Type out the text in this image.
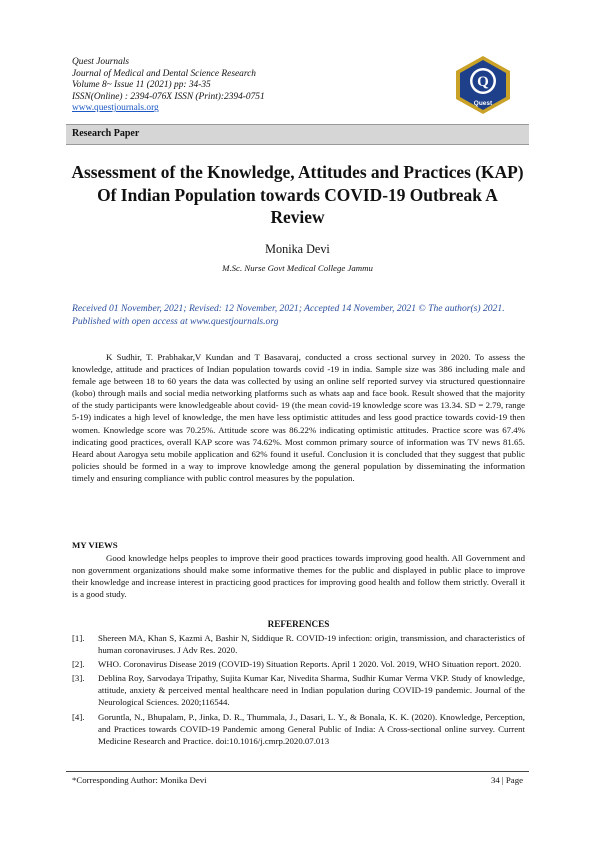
Quest Journals
Journal of Medical and Dental Science Research
Volume 8~ Issue 11 (2021) pp: 34-35
ISSN(Online) : 2394-076X ISSN (Print):2394-0751
www.questjournals.org
Q
Quest
Research Paper
Assessment of the Knowledge, Attitudes and Practices (KAP) Of Indian Population towards COVID-19 Outbreak A Review
Monika Devi
M.Sc. Nurse Govt Medical College Jammu
Received 01 November, 2021; Revised: 12 November, 2021; Accepted 14 November, 2021 © The author(s) 2021. Published with open access at www.questjournals.org
K Sudhir, T. Prabhakar,V Kundan and T Basavaraj, conducted a cross sectional survey in 2020. To assess the knowledge, attitude and practices of Indian population towards covid -19 in india. Sample size was 386 including male and female age between 18 to 60 years the data was collected by using an online self reported survey via structured questionnaire (kobo) through mails and social media networking platforms such as whats aap and face book. Result showed that the majority of the study participants were knowledgeable about covid- 19 (the mean covid-19 knowledge score was 13.34. SD = 2.79, range 5-19) indicates a high level of knowledge, the men have less optimistic attitudes and less good practice towards covid-19 then women. Knowledge score was 70.25%. Attitude score was 86.22% indicating optimistic attitudes. Practice score was 67.4% indicating good practices, overall KAP score was 74.62%. Most common primary source of information was TV news 81.65. Heard about Aarogya setu mobile application and 62% found it useful. Conclusion it is concluded that they suggest that public policies should be formed in a way to improve knowledge among the general population by disseminating the information timely and ensuring compliance with public control measures by the population.
MY VIEWS
Good knowledge helps peoples to improve their good practices towards improving good health. All Government and non government organizations should make some informative themes for the public and displayed in public place to improve their knowledge and increase interest in practicing good practices for improving good health and follow them strictly. Overall it is a good study.
REFERENCES
[1].	Shereen MA, Khan S, Kazmi A, Bashir N, Siddique R. COVID-19 infection: origin, transmission, and characteristics of human coronaviruses. J Adv Res. 2020.
[2].	WHO. Coronavirus Disease 2019 (COVID-19) Situation Reports. April 1 2020. Vol. 2019, WHO Situation report. 2020.
[3].	Deblina Roy, Sarvodaya Tripathy, Sujita Kumar Kar, Nivedita Sharma, Sudhir Kumar Verma VKP. Study of knowledge, attitude, anxiety & perceived mental healthcare need in Indian population during COVID-19 pandemic. Journal of the Neurological Sciences. 2020;116544.
[4].	Goruntla, N., Bhupalam, P., Jinka, D. R., Thummala, J., Dasari, L. Y., & Bonala, K. K. (2020). Knowledge, Perception, and Practices towards COVID-19 Pandemic among General Public of India: A Cross-sectional online survey. Current Medicine Research and Practice. doi:10.1016/j.cmrp.2020.07.013
*Corresponding Author: Monika Devi	34 | Page
